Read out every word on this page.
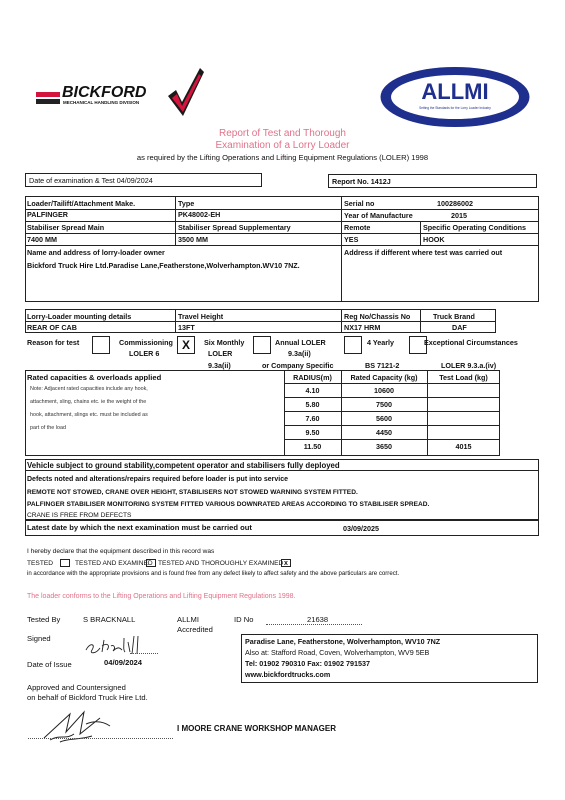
BICKFORD
MECHANICAL HANDLING DIVISION	ALLMI
Setting the Standards for the Lorry Loader Industry
Report of Test and Thorough
Examination of a Lorry Loader
as required by the Lifting Operations and Lifting Equipment Regulations (LOLER) 1998
Date of examination & Test 04/09/2024	Report No. 1412J
Loader/Tailift/Attachment Make.
PALFINGER
Type
PK48002-EH
Serial no	100286002
Year of Manufacture	2015
Stabiliser Spread Main
7400 MM
Stabiliser Spread Supplementary
3500 MM
Remote
YES
Specific Operating Conditions
HOOK
Name and address of lorry-loader owner
Bickford Truck Hire Ltd.Paradise Lane,Featherstone,Wolverhampton.WV10 7NZ.
Address if different where test was carried out
Lorry-Loader mounting details
REAR OF CAB
Travel Height
13FT
Reg No/Chassis No
NX17 HRM
Truck Brand
DAF
Reason for test	Commissioning
LOLER 6
X	Six Monthly
LOLER
9.3a(ii)
Annual LOLER
9.3a(ii)
or Company Specific
4 Yearly
BS 7121-2
Exceptional Circumstances
LOLER 9.3.a.(iv)
Rated capacities & overloads applied
Note: Adjacent rated capacities include any hook,
attachment, sling, chains etc. ie the weight of the
hook, attachment, slings etc. must be included as
part of the load
RADIUS(m)	Rated Capacity (kg)	Test Load (kg)
4.10	10600
5.80	7500
7.60	5600
9.50	4450
11.50	3650	4015
Vehicle subject to ground stability,competent operator and stabilisers fully deployed
Defects noted and alterations/repairs required before loader is put into service
REMOTE NOT STOWED, CRANE OVER HEIGHT, STABILISERS NOT STOWED WARNING SYSTEM FITTED.
PALFINGER STABILISER MONITORING SYSTEM FITTED VARIOUS DOWNRATED AREAS ACCORDING TO STABILISER SPREAD.
CRANE IS FREE FROM DEFECTS
Latest date by which the next examination must be carried out	03/09/2025
I hereby declare that the equipment described in this record was
TESTED	TESTED AND EXAMINED TESTED AND THOROUGHLY EXAMINED x
in accordance with the appropriate provisions and is found free from any defect likely to affect safety and the above particulars are correct.
The loader conforms to the Lifting Operations and Lifting Equipment Regulations 1998.
Tested By	S BRACKNALL	ALLMI
Accredited
ID No	21638
Signed
Date of Issue	04/09/2024
Paradise Lane, Featherstone, Wolverhampton, WV10 7NZ
Also at: Stafford Road, Coven, Wolverhampton, WV9 5EB
Tel: 01902 790310 Fax: 01902 791537
www.bickfordtrucks.com
Approved and Countersigned
on behalf of Bickford Truck Hire Ltd.
I MOORE CRANE WORKSHOP MANAGER
